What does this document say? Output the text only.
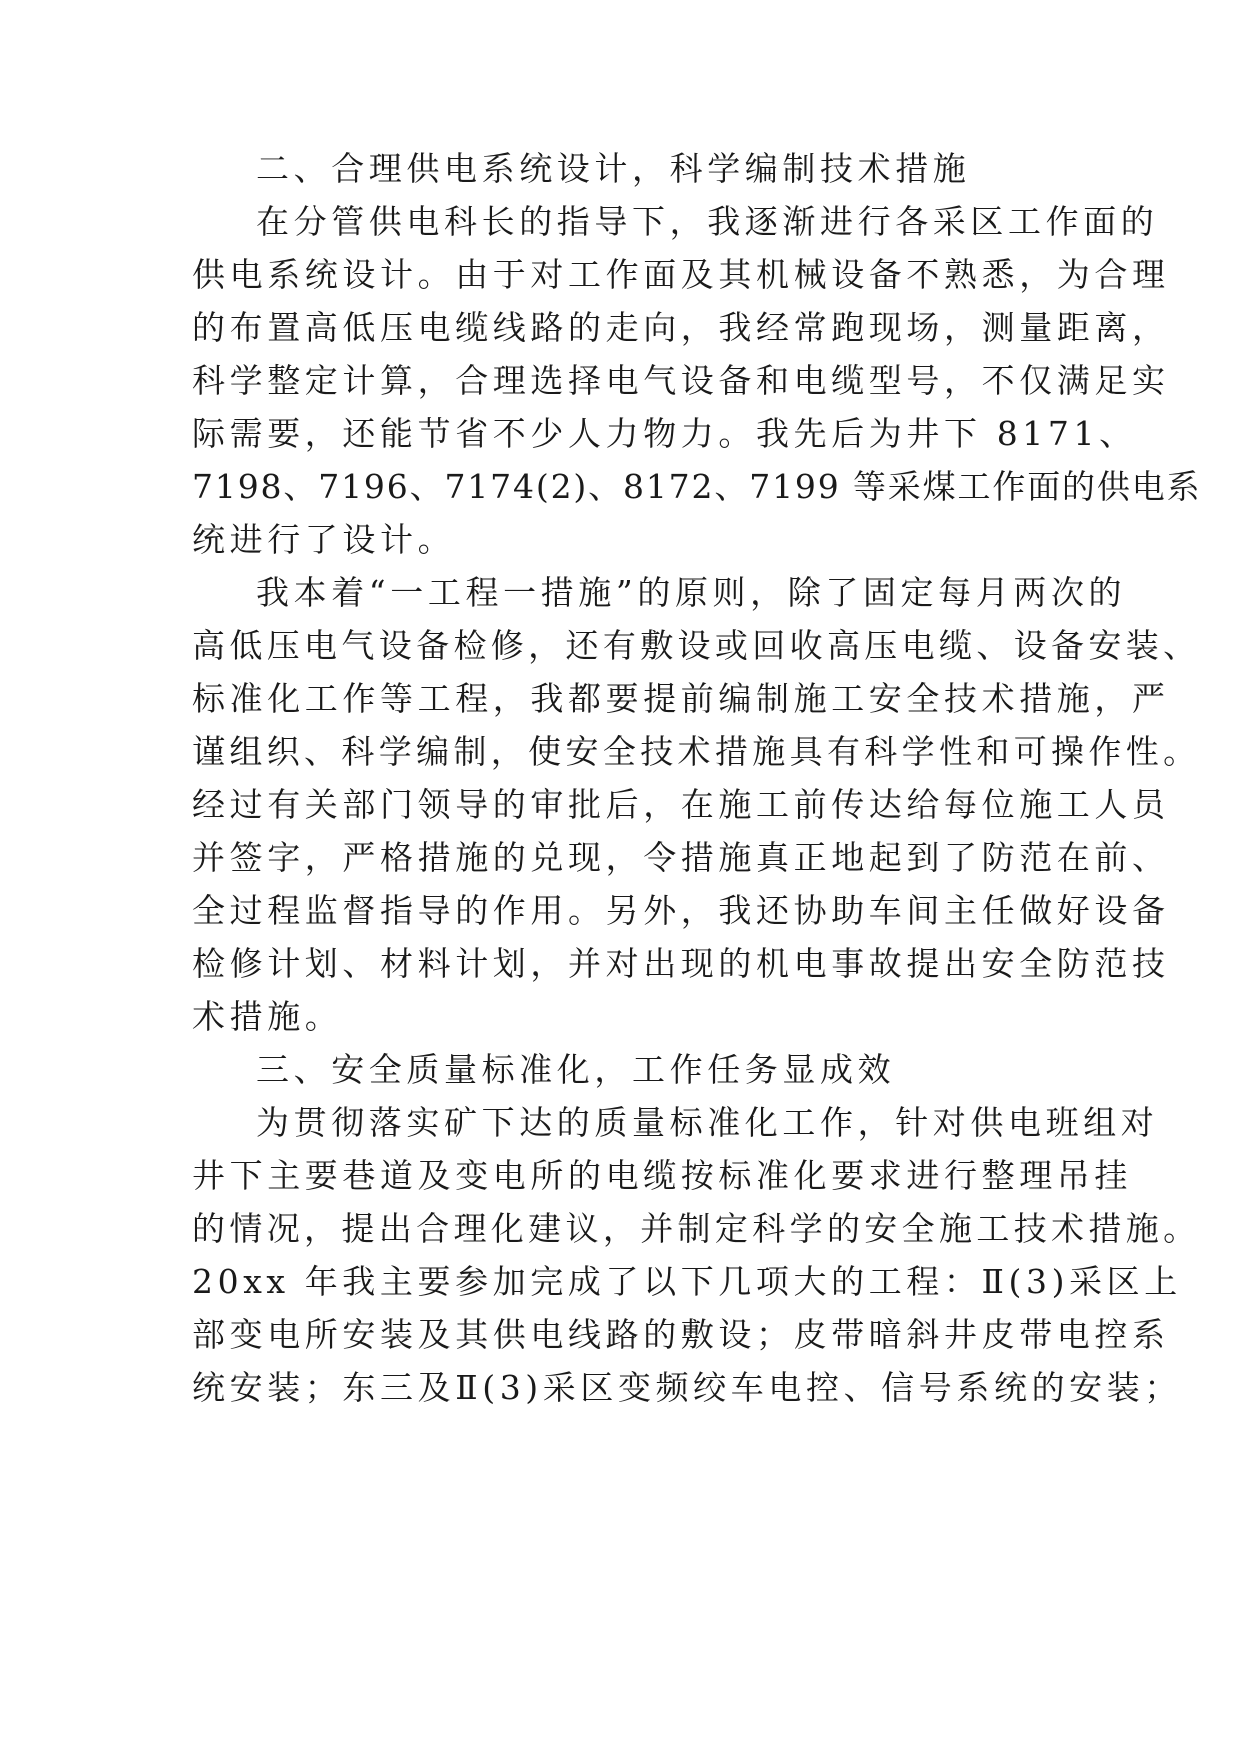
二、合理供电系统设计，科学编制技术措施
在分管供电科长的指导下，我逐渐进行各采区工作面的
供电系统设计。由于对工作面及其机械设备不熟悉，为合理
的布置高低压电缆线路的走向，我经常跑现场，测量距离，
科学整定计算，合理选择电气设备和电缆型号，不仅满足实
际需要，还能节省不少人力物力。我先后为井下 8171、
7198、7196、7174(2)、8172、7199 等采煤工作面的供电系
统进行了设计。
我本着“一工程一措施”的原则，除了固定每月两次的
高低压电气设备检修，还有敷设或回收高压电缆、设备安装、
标准化工作等工程，我都要提前编制施工安全技术措施，严
谨组织、科学编制，使安全技术措施具有科学性和可操作性。
经过有关部门领导的审批后，在施工前传达给每位施工人员
并签字，严格措施的兑现，令措施真正地起到了防范在前、
全过程监督指导的作用。另外，我还协助车间主任做好设备
检修计划、材料计划，并对出现的机电事故提出安全防范技
术措施。
三、安全质量标准化，工作任务显成效
为贯彻落实矿下达的质量标准化工作，针对供电班组对
井下主要巷道及变电所的电缆按标准化要求进行整理吊挂
的情况，提出合理化建议，并制定科学的安全施工技术措施。
20xx 年我主要参加完成了以下几项大的工程：Ⅱ(3)采区上
部变电所安装及其供电线路的敷设；皮带暗斜井皮带电控系
统安装；东三及Ⅱ(3)采区变频绞车电控、信号系统的安装；
